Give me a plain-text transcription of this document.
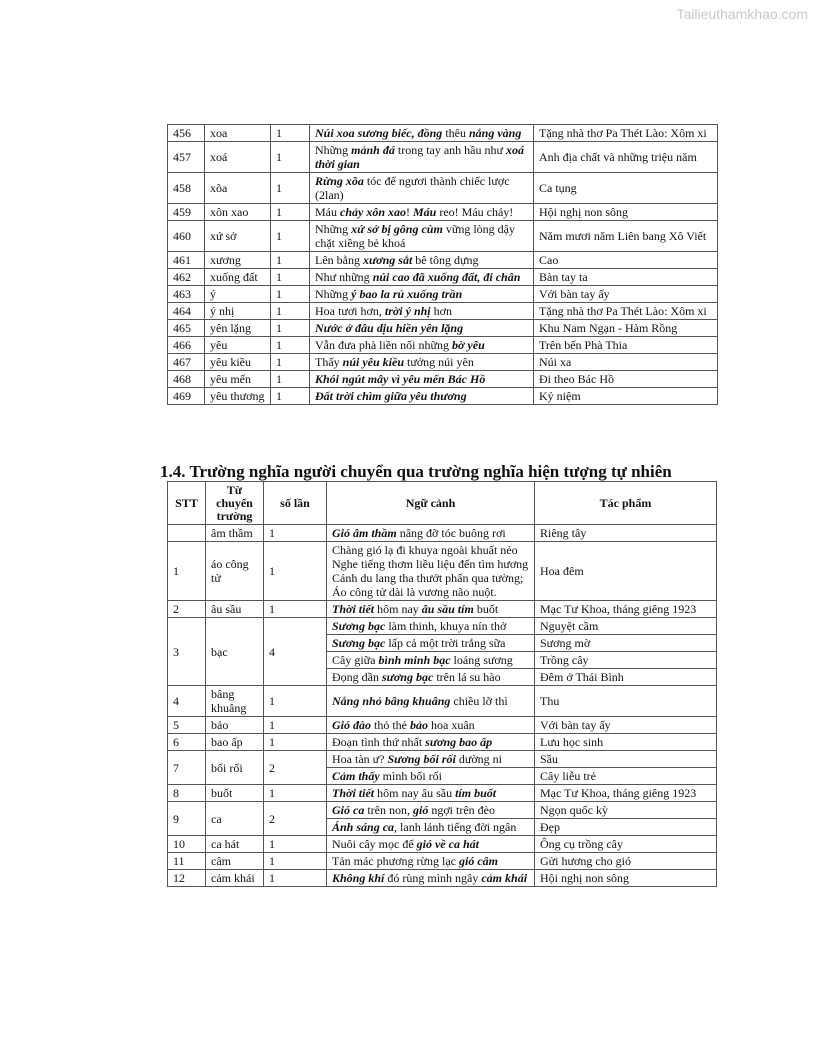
Tailieuthamkhao.com
456	xoa	1	Núi xoa sương biếc, đồng thêu nắng vàng	Tặng nhà thơ Pa Thét Lào: Xôm xi
457	xoá	1	Những mảnh đá trong tay anh hầu như xoá thời gian	Anh địa chất và những triệu năm
458	xõa	1	Rừng xõa tóc để ngươi thành chiếc lược (2lan)	Ca tụng
459	xôn xao	1	Máu chảy xôn xao! Máu reo! Máu chảy!	Hội nghị non sông
460	xứ sở	1	Những xứ sở bị gông cùm vững lòng dậy chặt xiềng bẻ khoá	Năm mươi năm Liên bang Xô Viết
461	xương	1	Lên bằng xương sắt bê tông dựng	Cao
462	xuống đất	1	Như những núi cao đã xuống đất, đi chân	Bàn tay ta
463	ý	1	Những ý bao la rủ xuống trần	Với bàn tay ấy
464	ý nhị	1	Hoa tươi hơn, trời ý nhị hơn	Tặng nhà thơ Pa Thét Lào: Xôm xi
465	yên lặng	1	Nước ở đâu dịu hiền yên lặng	Khu Nam Ngạn - Hàm Rồng
466	yêu	1	Vẫn đưa phà liền nối những bờ yêu	Trên bến Phà Thia
467	yêu kiều	1	Thấy núi yêu kiều tưởng núi yên	Núi xa
468	yêu mến	1	Khói ngút mây vì yêu mến Bác Hồ	Đi theo Bác Hồ
469	yêu thương	1	Đất trời chìm giữa yêu thương	Kỷ niệm
1.4. Trường nghĩa người chuyển qua trường nghĩa hiện tượng tự nhiên
STT	Từ chuyển trường	số lần	Ngữ cảnh	Tác phẩm
	âm thầm	1	Gió âm thầm nâng đỡ tóc buông rơi	Riêng tây
1	áo công tử	1	Chàng gió lạ đi khuya ngoài khuất nẻo
Nghe tiếng thơm liều liệu đến tìm hương
Cánh du lang tha thướt phấn qua tường;
Áo công tử dài là vương não nuột.	Hoa đêm
2	âu sầu	1	Thời tiết hôm nay âu sầu tím buốt	Mạc Tư Khoa, tháng giêng 1923
3	bạc	4	Sương bạc làm thinh, khuya nín thở	Nguyệt cầm
			Sương bạc lấp cả một trời trắng sữa	Sương mờ
			Cây giữa bình minh bạc loáng sương	Trồng cây
			Đọng dần sương bạc trên lá su hào	Đêm ở Thái Bình
4	bâng khuâng	1	Nắng nhỏ bâng khuâng chiều lỡ thì	Thu
5	bảo	1	Gió đào thỏ thẻ bảo hoa xuân	Với bàn tay ấy
6	bao ấp	1	Đoạn tình thứ nhất sương bao ấp	Lưu học sinh
7	bối rối	2	Hoa tàn ư? Sương bối rối dường ni	Sầu
			Cảm thấy mình bối rối	Cây liễu trẻ
8	buốt	1	Thời tiết hôm nay âu sầu tím buốt	Mạc Tư Khoa, tháng giêng 1923
9	ca	2	Gió ca trên non, gió ngợi trên đèo	Ngọn quốc kỳ
			Ánh sáng ca, lanh lảnh tiếng đời ngân	Đẹp
10	ca hát	1	Nuôi cây mọc để gió về ca hát	Ông cụ trồng cây
11	câm	1	Tản mác phương rừng lạc gió câm	Gửi hương cho gió
12	cảm khái	1	Không khí đó rùng mình ngây cảm khái	Hội nghị non sông
